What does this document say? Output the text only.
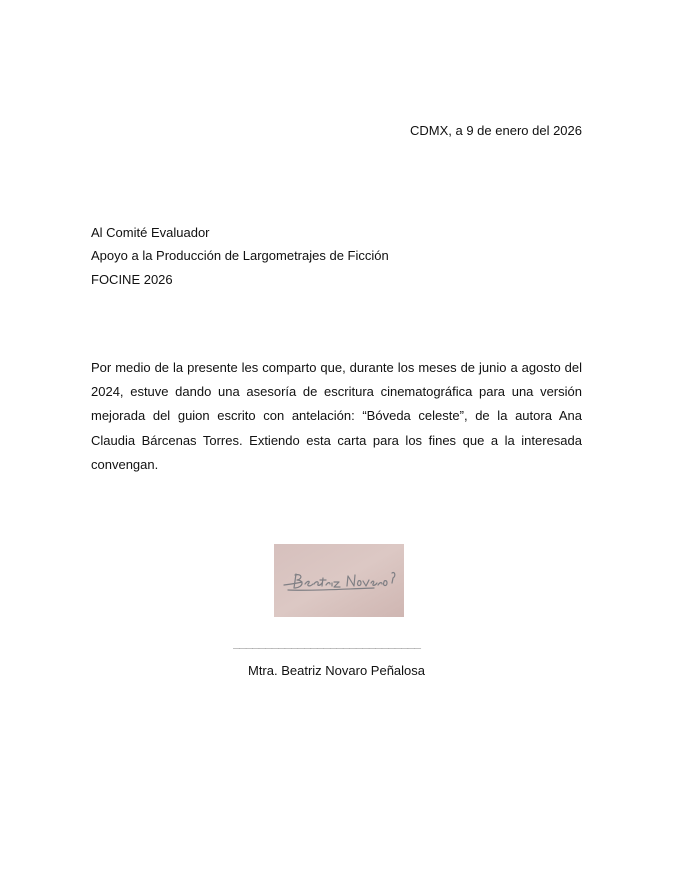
CDMX, a 9 de enero del 2026
Al Comité Evaluador
Apoyo a la Producción de Largometrajes de Ficción
FOCINE 2026
Por medio de la presente les comparto que, durante los meses de junio a agosto del 2024, estuve dando una asesoría de escritura cinematográfica para una versión mejorada del guion escrito con antelación: “Bóveda celeste”, de la autora Ana Claudia Bárcenas Torres. Extiendo esta carta para los fines que a la interesada convengan.
_____________________________
Mtra. Beatriz Novaro Peñalosa
